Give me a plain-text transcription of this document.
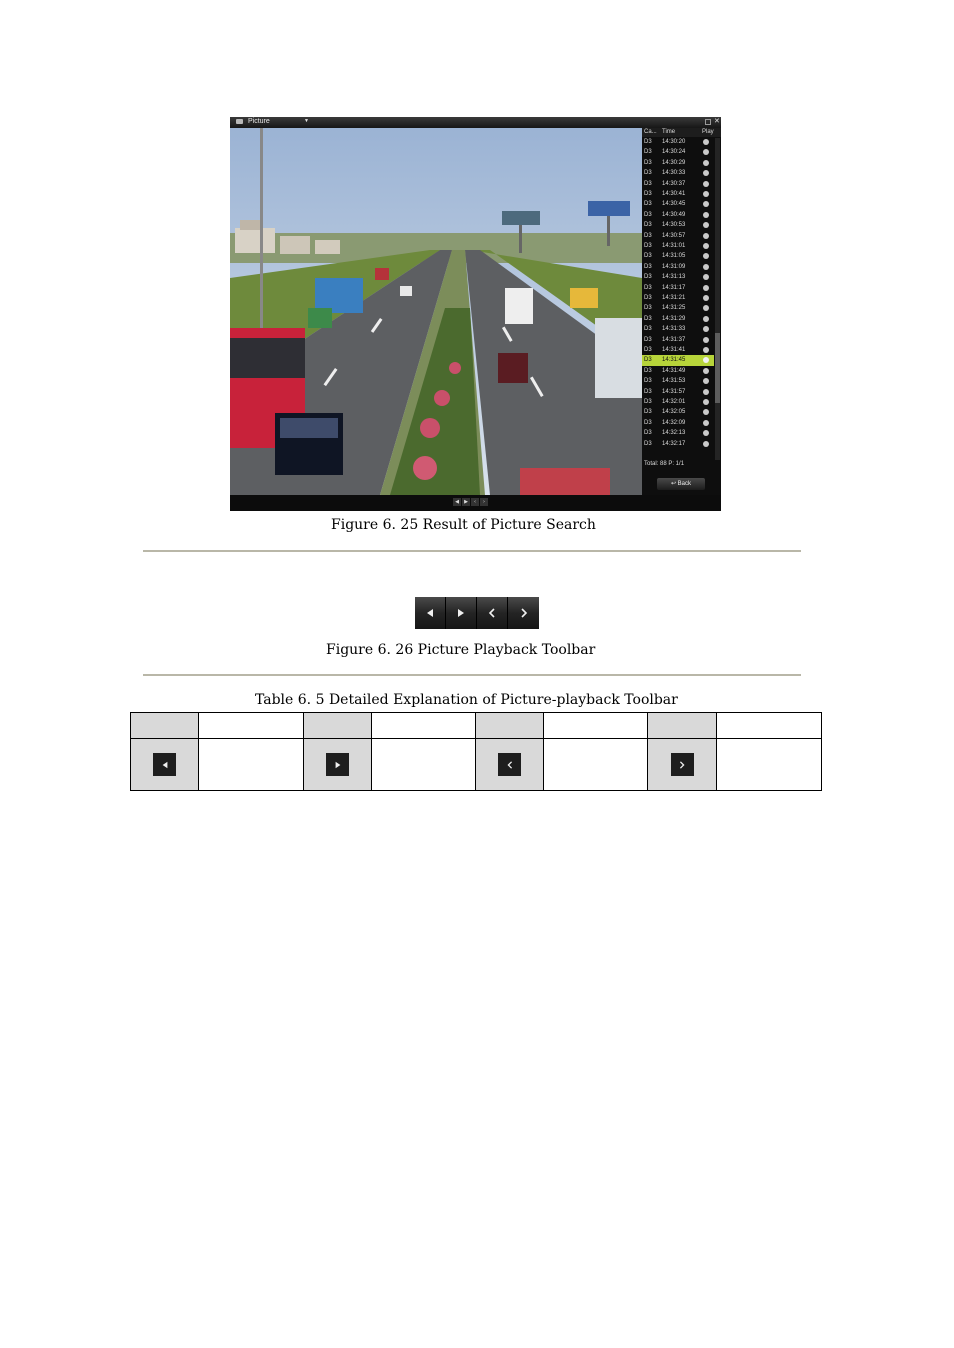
Picture	▼	✕
Ca... Time	Play
D3 14:30:20
D3 14:30:24
D3 14:30:29
D3 14:30:33
D3 14:30:37
D3 14:30:41
D3 14:30:45
D3 14:30:49
D3 14:30:53
D3 14:30:57
D3 14:31:01
D3 14:31:05
D3 14:31:09
D3 14:31:13
D3 14:31:17
D3 14:31:21
D3 14:31:25
D3 14:31:29
D3 14:31:33
D3 14:31:37
D3 14:31:41
D3 14:31:45
D3 14:31:49
D3 14:31:53
D3 14:31:57
D3 14:32:01
D3 14:32:05
D3 14:32:09
D3 14:32:13
D3 14:32:17
Total: 88 P: 1/1
↩ Back
◀	▶	‹	›
Figure 6. 25 Result of Picture Search
Figure 6. 26 Picture Playback Toolbar
Table 6. 5 Detailed Explanation of Picture-playback Toolbar
